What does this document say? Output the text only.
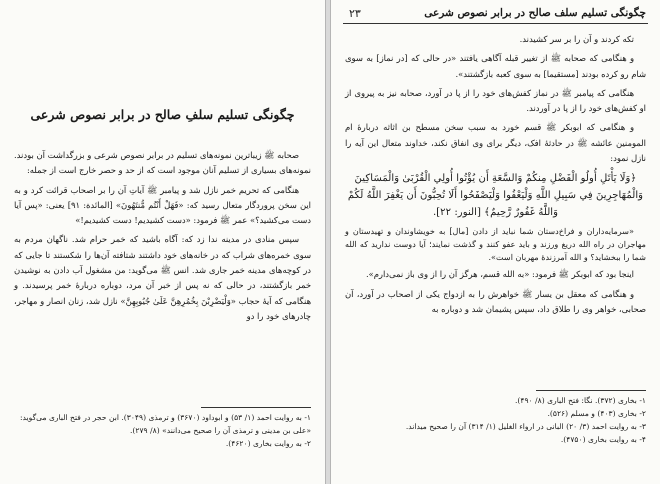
چگونگی تسلیم سلفِ صالح در برابر نصوص شرعی

صحابه ﷺ زیباترین نمونه‌های تسلیم در برابر نصوص شرعی و بزرگداشت آن بودند. نمونه‌های بسیاری از تسلیم آنان موجود است که از حد و حصر خارج است از جمله:

هنگامی که تحریم خمر نازل شد و پیامبر ﷺ آیاتِ آن را بر اصحاب قرائت کرد و به این سخن پروردگار متعال رسید که: «فَهَلْ أَنْتُم مُّنتَهُونَ» [المائدة: ۹۱] یعنی: «پس آیا دست می‌کشید؟» عمر ﷺ فرمود: «دست کشیدیم! دست کشیدیم!»

سپس منادی در مدینه ندا زد که: آگاه باشید که خمر حرام شد. ناگهان مردم به سوی خمره‌های شراب که در خانه‌های خود داشتند شتافته آن‌ها را شکستند تا جایی که در کوچه‌های مدینه خمر جاری شد. انس ﷺ می‌گوید: من مشغول آب دادن به نوشیدن خمر بازگشتند، در حالی که نه پس از خبر آن مرد، دوباره دربارهٔ خمر پرسیدند. و هنگامی که آیهٔ حجاب «وَلْيَضْرِبْنَ بِخُمُرِهِنَّ عَلَىٰ جُيُوبِهِنَّ» نازل شد، زنان انصار و مهاجر، چادرهای خود را دو

۱- به روایت احمد (۱/ ۵۳) و ابوداود (۳۶۷۰) و ترمذی (۳۰۴۹). ابن حجر در فتح الباری می‌گوید: «علی بن مدینی و ترمذی آن را صحیح می‌دانند» (۸/ ۲۷۹).
۲- به روایت بخاری (۴۶۲۰).
چگونگی تسلیم سلف صالح در برابر نصوص شرعی
۲۳

تکه کردند و آن را بر سر کشیدند.

و هنگامی که صحابه ﷺ از تغییر قبله آگاهی یافتند «در حالی که [در نماز] به سوی شام رو کرده بودند [مستقیما] به سوی کعبه بازگشتند».

هنگامی که پیامبر ﷺ در نماز کفش‌های خود را از پا در آورد، صحابه نیز به پیروی از او کفش‌های خود را از پا در آوردند.

و هنگامی که ابوبکر ﷺ قسم خورد به سبب سخن مسطح بن اثاثه دربارهٔ ام المومنین عائشه ﷺ در حادثهٔ افک، دیگر برای وی انفاق نکند، خداوند متعال این آیه را نازل نمود:

﴿وَلَا يَأْتَلِ أُولُو الْفَضْلِ مِنكُمْ وَالسَّعَةِ أَن يُؤْتُوا أُولِي الْقُرْبَىٰ وَالْمَسَاكِينَ وَالْمُهَاجِرِينَ فِي سَبِيلِ اللَّهِ وَلْيَعْفُوا وَلْيَصْفَحُوا أَلَا تُحِبُّونَ أَن يَغْفِرَ اللَّهُ لَكُمْ وَاللَّهُ غَفُورٌ رَّحِيمٌ﴾ [النور: ۲۲].

«سرمایه‌داران و فراخ‌دستان شما نباید از دادن [مال] به خویشاوندان و تهیدستان و مهاجران در راه الله دریغ ورزند و باید عفو کنند و گذشت نمایند؛ آیا دوست ندارید که الله شما را ببخشاید؟ و الله آمرزندهٔ مهربان است».

اینجا بود که ابوبکر ﷺ فرمود: «به الله قسم، هرگز آن را از وی باز نمی‌دارم».

و هنگامی که معقل بن یسار ﷺ خواهرش را به ازدواج یکی از اصحاب در آورد، آن صحابی، خواهر وی را طلاق داد، سپس پشیمان شد و دوباره به

۱- بخاری (۳۷۲). نگا: فتح الباری (۸/ ۴۹۰).
۲- بخاری (۴۰۳) و مسلم (۵۲۶).
۳- به روایت احمد (۳/ ۲۰) البانی در ارواء الغلیل (۱/ ۳۱۴) آن را صحیح میداند.
۴- به روایت بخاری (۴۷۵۰).
